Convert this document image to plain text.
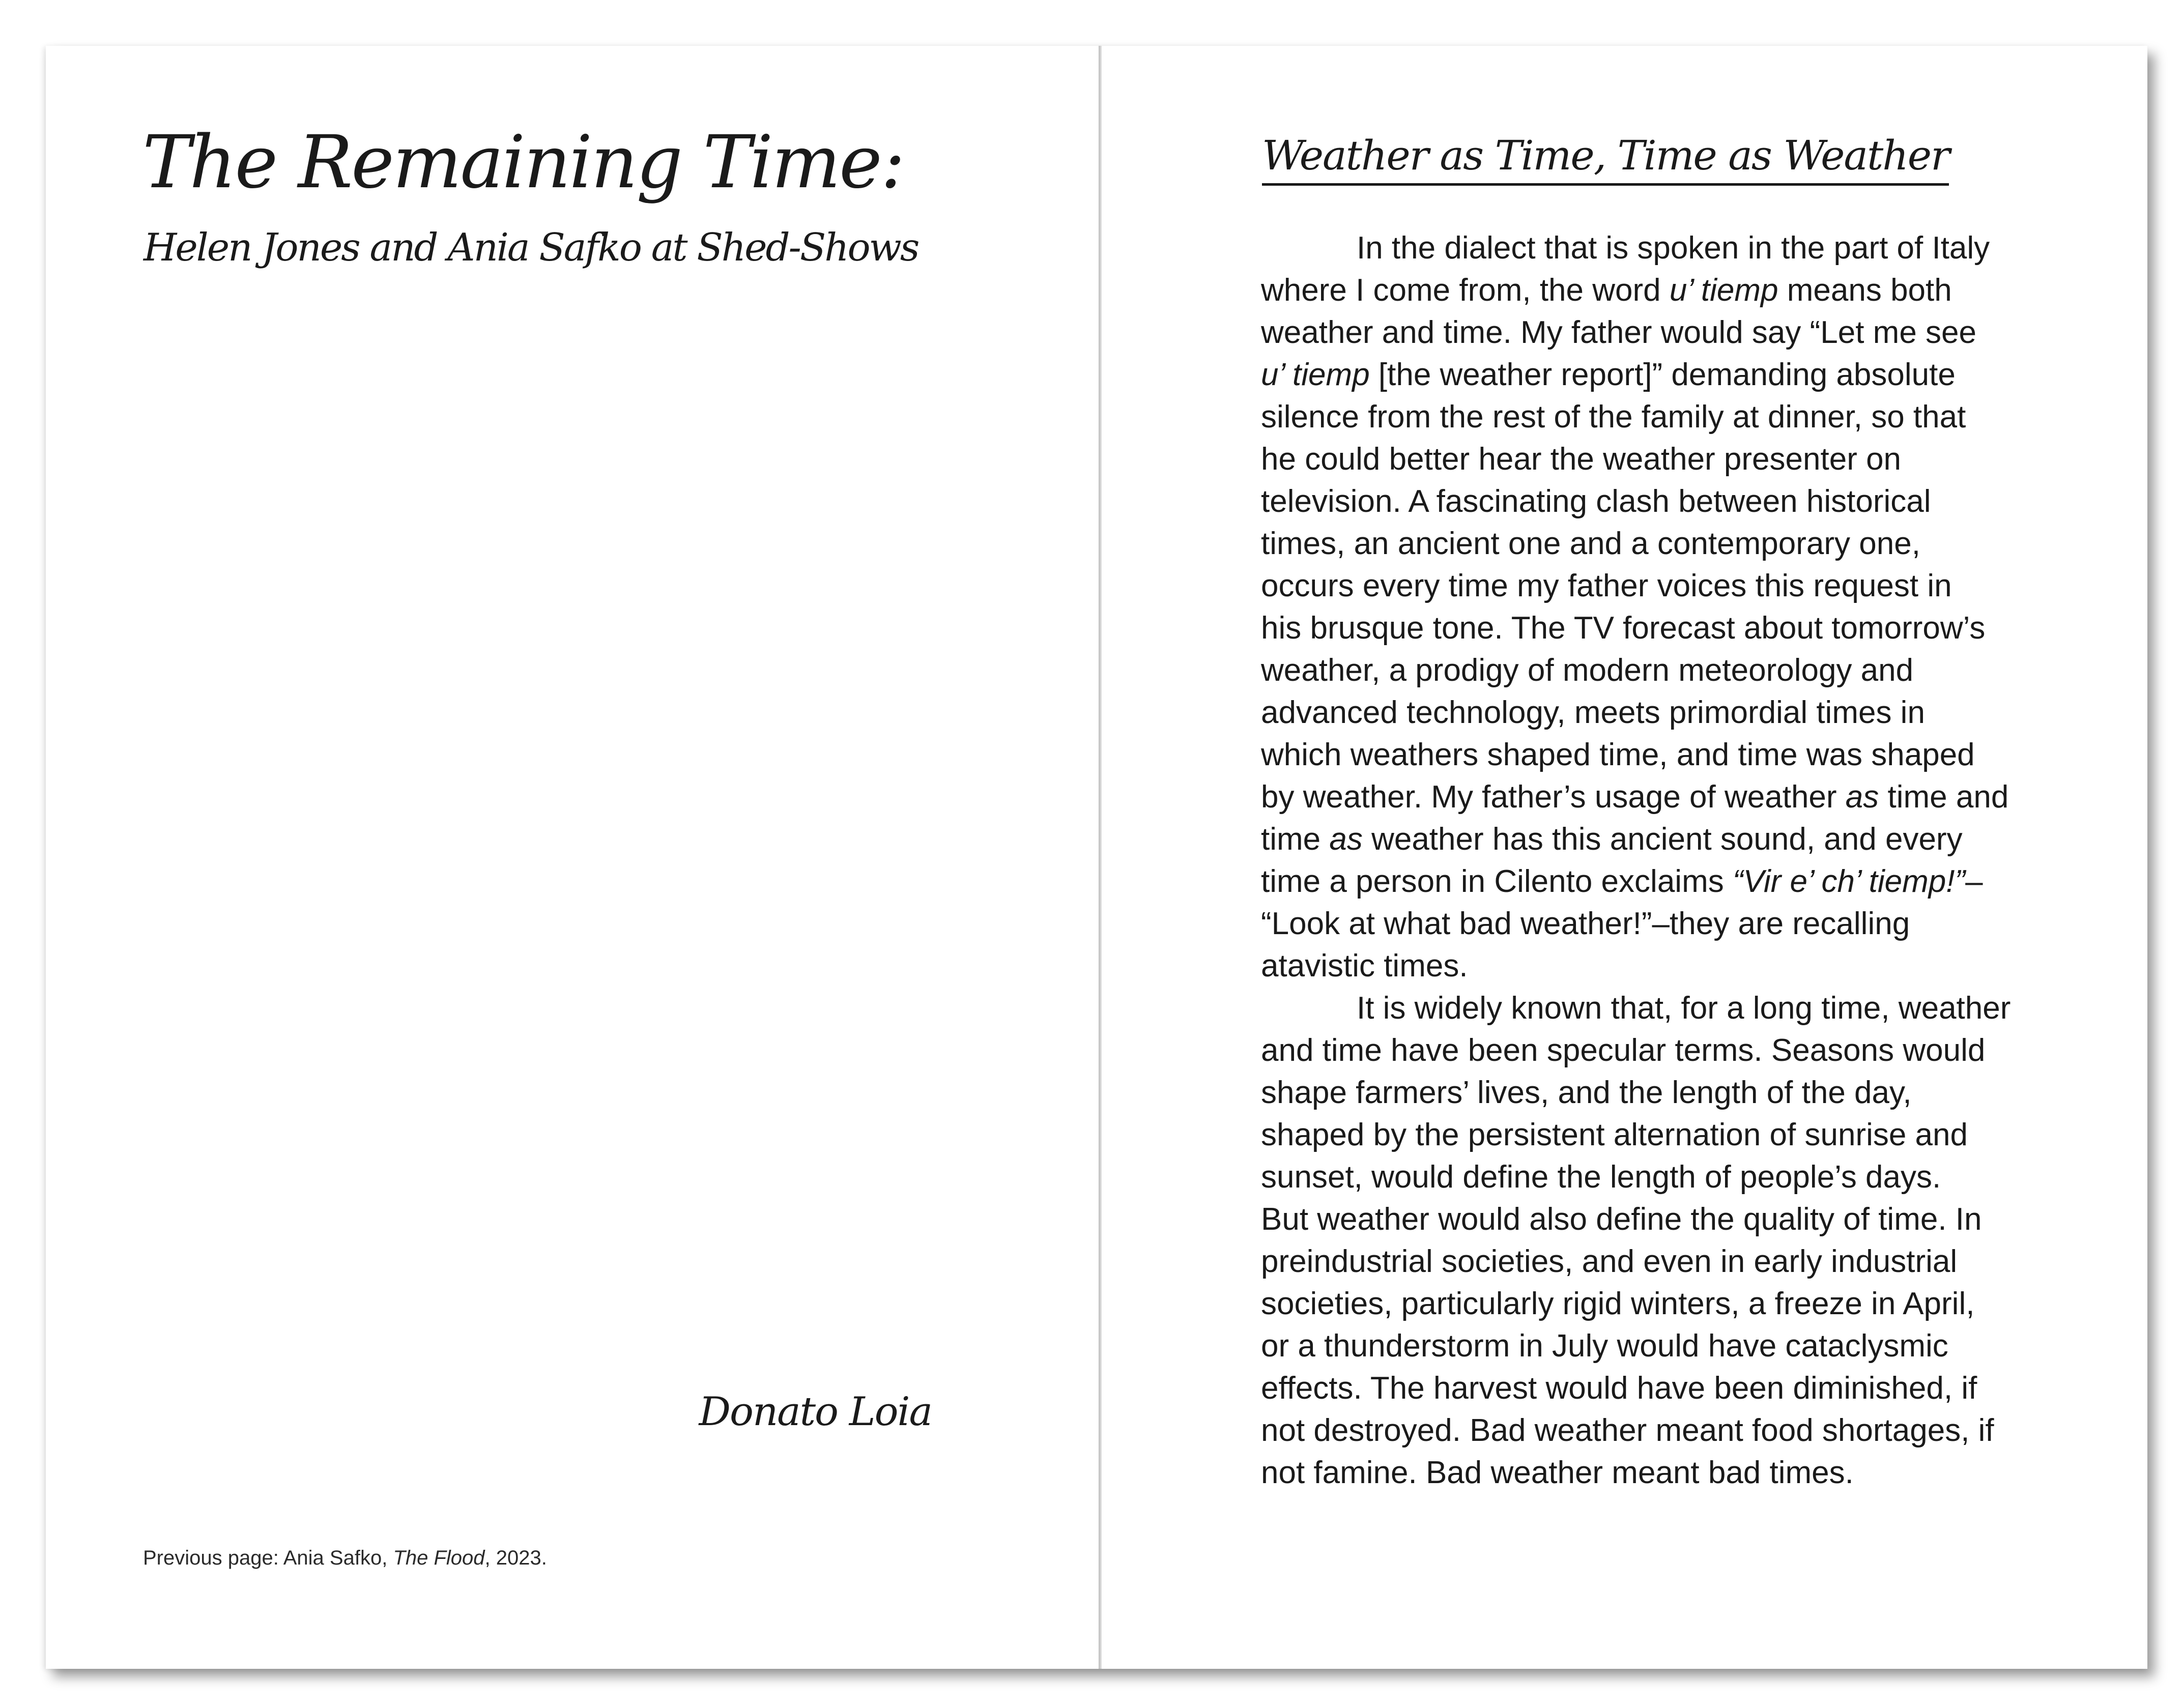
The Remaining Time:
Helen Jones and Ania Safko at Shed-Shows

Donato Loia

Previous page: Ania Safko, The Flood, 2023.

Weather as Time, Time as Weather
In the dialect that is spoken in the part of Italy
where I come from, the word u’ tiemp means both
weather and time. My father would say “Let me see
u’ tiemp [the weather report]” demanding absolute
silence from the rest of the family at dinner, so that
he could better hear the weather presenter on
television. A fascinating clash between historical
times, an ancient one and a contemporary one,
occurs every time my father voices this request in
his brusque tone. The TV forecast about tomorrow’s
weather, a prodigy of modern meteorology and
advanced technology, meets primordial times in
which weathers shaped time, and time was shaped
by weather. My father’s usage of weather as time and
time as weather has this ancient sound, and every
time a person in Cilento exclaims “Vir e’ ch’ tiemp!”–
“Look at what bad weather!”–they are recalling
atavistic times.
It is widely known that, for a long time, weather
and time have been specular terms. Seasons would
shape farmers’ lives, and the length of the day,
shaped by the persistent alternation of sunrise and
sunset, would define the length of people’s days.
But weather would also define the quality of time. In
preindustrial societies, and even in early industrial
societies, particularly rigid winters, a freeze in April,
or a thunderstorm in July would have cataclysmic
effects. The harvest would have been diminished, if
not destroyed. Bad weather meant food shortages, if
not famine. Bad weather meant bad times.
